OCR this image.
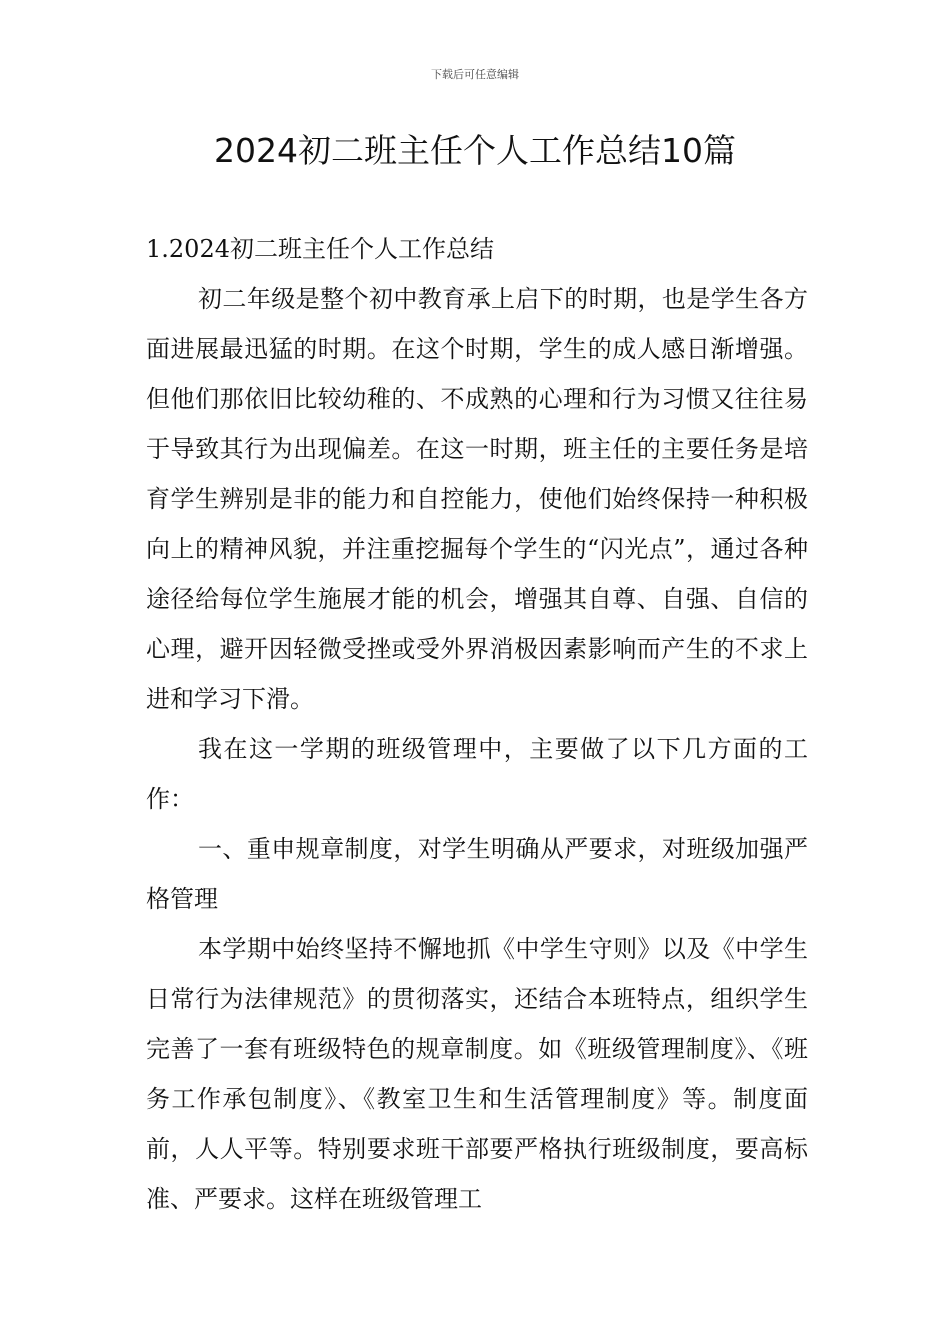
下载后可任意编辑
2024初二班主任个人工作总结10篇

1.2024初二班主任个人工作总结

初二年级是整个初中教育承上启下的时期，也是学生各方面进展最迅猛的时期。在这个时期，学生的成人感日渐增强。但他们那依旧比较幼稚的、不成熟的心理和行为习惯又往往易于导致其行为出现偏差。在这一时期，班主任的主要任务是培育学生辨别是非的能力和自控能力，使他们始终保持一种积极向上的精神风貌，并注重挖掘每个学生的“闪光点”，通过各种途径给每位学生施展才能的机会，增强其自尊、自强、自信的心理，避开因轻微受挫或受外界消极因素影响而产生的不求上进和学习下滑。

我在这一学期的班级管理中，主要做了以下几方面的工作：

一、重申规章制度，对学生明确从严要求，对班级加强严格管理

本学期中始终坚持不懈地抓《中学生守则》以及《中学生日常行为法律规范》的贯彻落实，还结合本班特点，组织学生完善了一套有班级特色的规章制度。如《班级管理制度》、《班务工作承包制度》、《教室卫生和生活管理制度》等。制度面前，人人平等。特别要求班干部要严格执行班级制度，要高标准、严要求。这样在班级管理工
